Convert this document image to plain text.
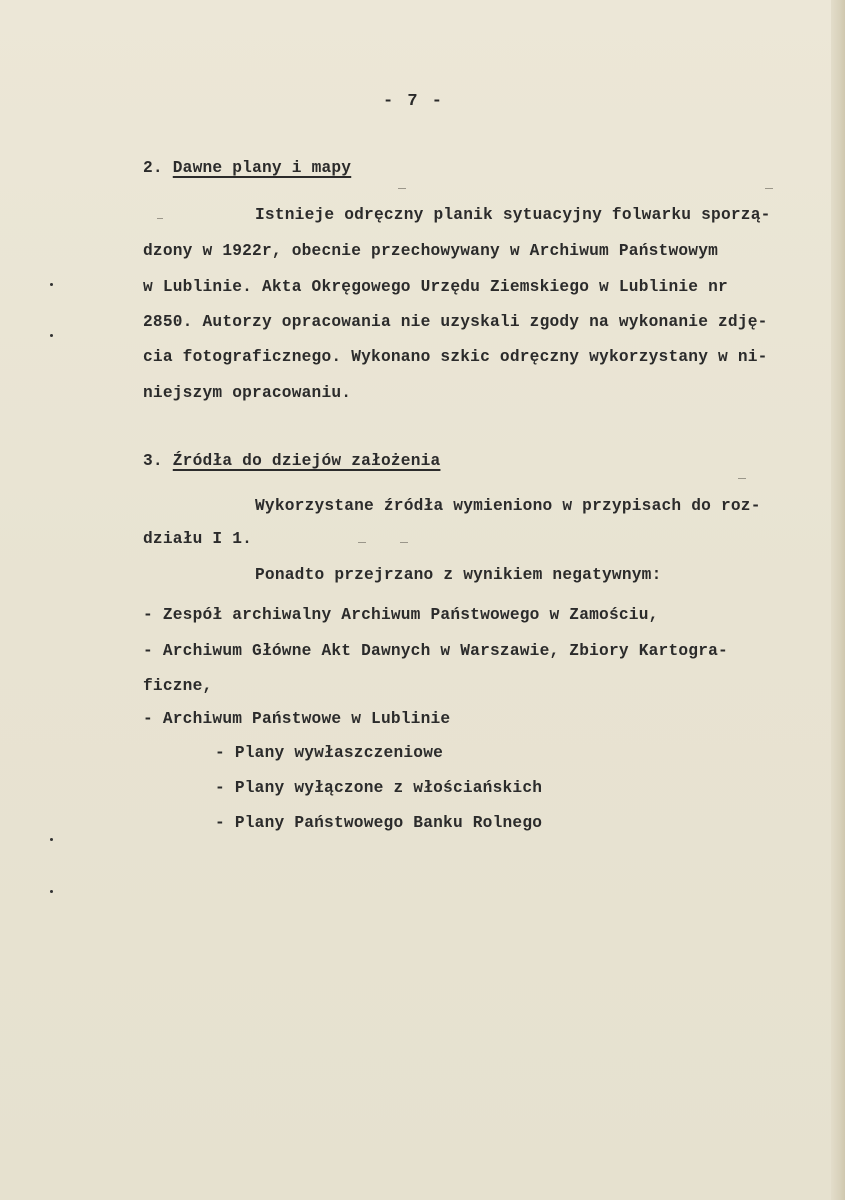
- 7 -
2. Dawne plany i mapy
Istnieje odręczny planik sytuacyjny folwarku sporzą-
dzony w 1922r, obecnie przechowywany w Archiwum Państwowym
w Lublinie. Akta Okręgowego Urzędu Ziemskiego w Lublinie nr
2850. Autorzy opracowania nie uzyskali zgody na wykonanie zdję-
cia fotograficznego. Wykonano szkic odręczny wykorzystany w ni-
niejszym opracowaniu.
3. Źródła do dziejów założenia
Wykorzystane źródła wymieniono w przypisach do roz-
działu I 1.
Ponadto przejrzano z wynikiem negatywnym:
- Zespół archiwalny Archiwum Państwowego w Zamościu,
- Archiwum Główne Akt Dawnych w Warszawie, Zbiory Kartogra-
ficzne,
- Archiwum Państwowe w Lublinie
- Plany wywłaszczeniowe
- Plany wyłączone z włościańskich
- Plany Państwowego Banku Rolnego
